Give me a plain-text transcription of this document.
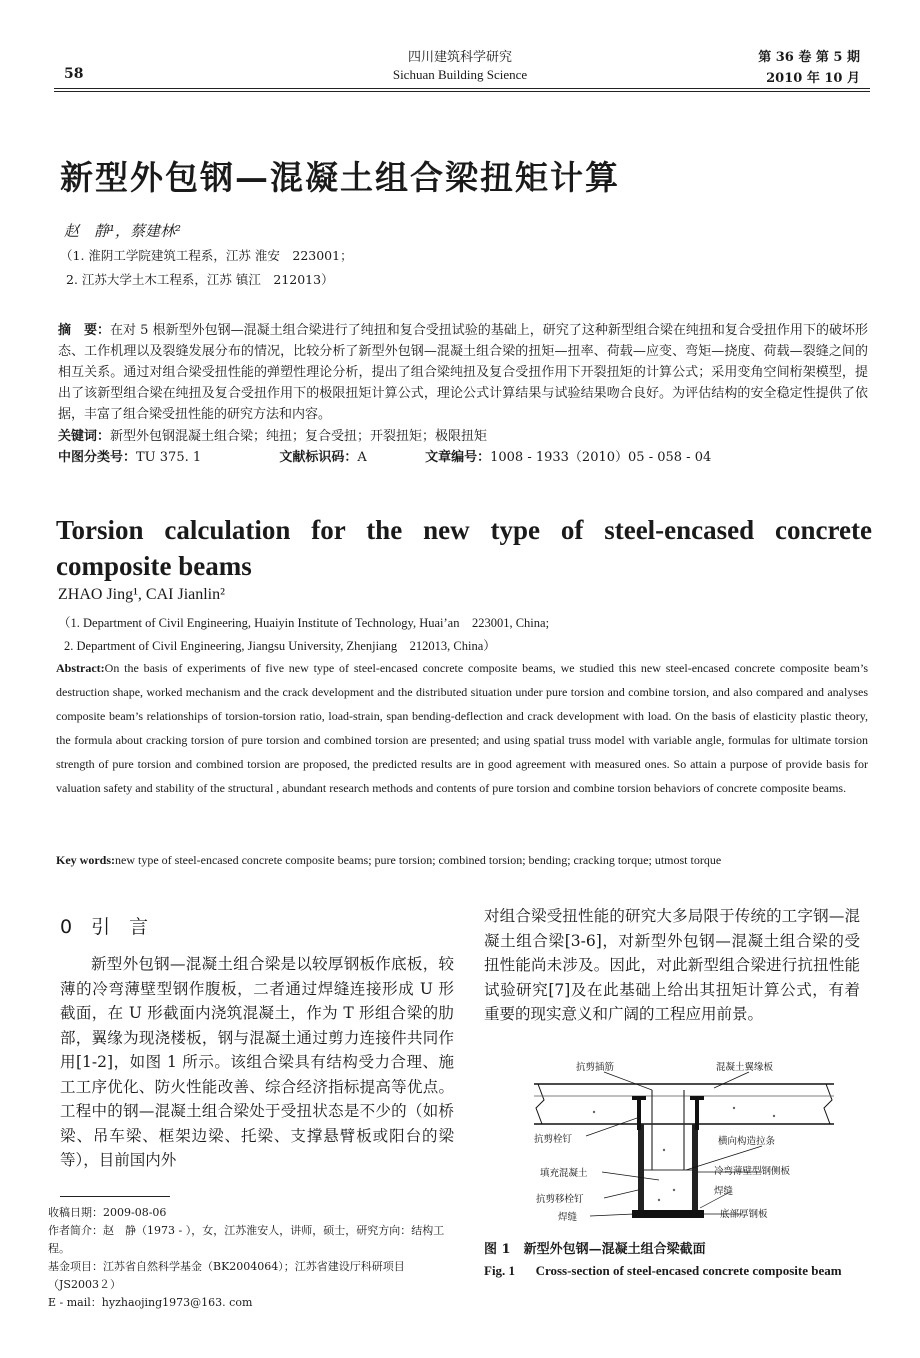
58
四川建筑科学研究
Sichuan Building Science
第 36 卷 第 5 期
2010 年 10 月
新型外包钢—混凝土组合梁扭矩计算
赵　静¹，蔡建林²
（1. 淮阴工学院建筑工程系，江苏 淮安　223001；
2. 江苏大学土木工程系，江苏 镇江　212013）
摘　要：在对 5 根新型外包钢—混凝土组合梁进行了纯扭和复合受扭试验的基础上，研究了这种新型组合梁在纯扭和复合受扭作用下的破坏形态、工作机理以及裂缝发展分布的情况，比较分析了新型外包钢—混凝土组合梁的扭矩—扭率、荷载—应变、弯矩—挠度、荷载—裂缝之间的相互关系。通过对组合梁受扭性能的弹塑性理论分析，提出了组合梁纯扭及复合受扭作用下开裂扭矩的计算公式；采用变角空间桁架模型，提出了该新型组合梁在纯扭及复合受扭作用下的极限扭矩计算公式，理论公式计算结果与试验结果吻合良好。为评估结构的安全稳定性提供了依据，丰富了组合梁受扭性能的研究方法和内容。
关键词：新型外包钢混凝土组合梁；纯扭；复合受扭；开裂扭矩；极限扭矩
中图分类号：TU 375. 1	文献标识码：A	文章编号：1008 - 1933（2010）05 - 058 - 04
Torsion calculation for the new type of steel-encased concrete composite beams
ZHAO Jing¹, CAI Jianlin²
（1. Department of Civil Engineering, Huaiyin Institute of Technology, Huai’an　223001, China;
2. Department of Civil Engineering, Jiangsu University, Zhenjiang　212013, China）
Abstract:On the basis of experiments of five new type of steel-encased concrete composite beams, we studied this new steel-encased concrete composite beam’s destruction shape, worked mechanism and the crack development and the distributed situation under pure torsion and combine torsion, and also compared and analyses composite beam’s relationships of torsion-torsion ratio, load-strain, span bending-deflection and crack development with load. On the basis of elasticity plastic theory, the formula about cracking torsion of pure torsion and combined torsion are presented; and using spatial truss model with variable angle, formulas for ultimate torsion strength of pure torsion and combined torsion are proposed, the predicted results are in good agreement with measured ones. So attain a purpose of provide basis for valuation safety and stability of the structural , abundant research methods and contents of pure torsion and combine torsion behaviors of concrete composite beams.
Key words:new type of steel-encased concrete composite beams; pure torsion; combined torsion; bending; cracking torque; utmost torque
0　引　言
新型外包钢—混凝土组合梁是以较厚钢板作底板，较薄的冷弯薄壁型钢作腹板，二者通过焊缝连接形成 U 形截面，在 U 形截面内浇筑混凝土，作为 T 形组合梁的肋部，翼缘为现浇楼板，钢与混凝土通过剪力连接件共同作用[1-2]，如图 1 所示。该组合梁具有结构受力合理、施工工序优化、防火性能改善、综合经济指标提高等优点。工程中的钢—混凝土组合梁处于受扭状态是不少的（如桥梁、吊车梁、框架边梁、托梁、支撑悬臂板或阳台的梁等），目前国内外
收稿日期：2009-08-06
作者简介：赵　静（1973 - ），女，江苏淮安人，讲师，硕士，研究方向：结构工程。
基金项目：江苏省自然科学基金（BK2004064）；江苏省建设厅科研项目（JS2003２）
E - mail：hyzhaojing1973@163. com
对组合梁受扭性能的研究大多局限于传统的工字钢—混凝土组合梁[3-6]，对新型外包钢—混凝土组合梁的受扭性能尚未涉及。因此，对此新型组合梁进行抗扭性能试验研究[7]及在此基础上给出其扭矩计算公式，有着重要的现实意义和广阔的工程应用前景。
抗剪插筋	混凝土翼缘板
抗剪栓钉	横向构造拉条
填充混凝土	冷弯薄壁型钢侧板
抗剪移栓钉
焊缝
焊缝	底部厚钢板
图 1　新型外包钢—混凝土组合梁截面
Fig. 1 Cross-section of steel-encased concrete composite beam
